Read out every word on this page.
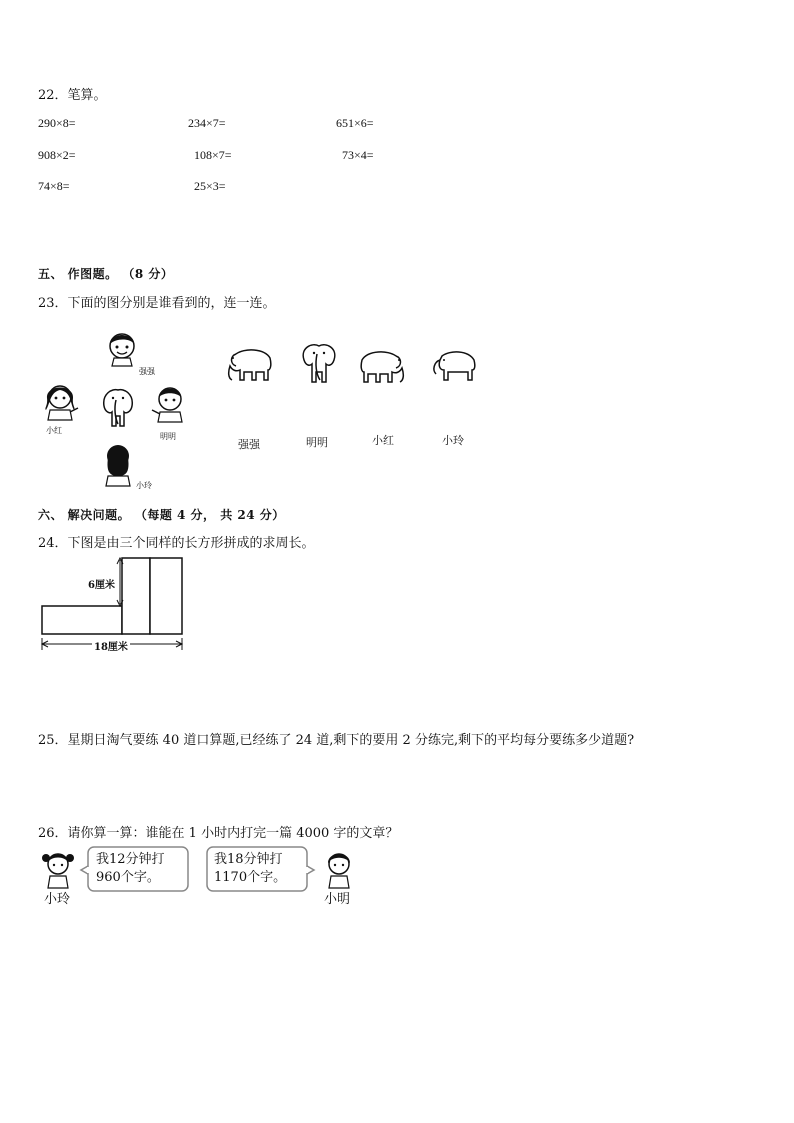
22．笔算。
290×8=	234×7=	651×6=
908×2=	108×7=	73×4=
74×8=	25×3=
五、 作图题。 （8 分）
23．下面的图分别是谁看到的，连一连。
强强
小红
明明
小玲
强强	明明	小红	小玲
六、 解决问题。 （每题 4 分， 共 24 分）
24．下图是由三个同样的长方形拼成的求周长。
6厘米
18厘米
25．星期日淘气要练 40 道口算题,已经练了 24 道,剩下的要用 2 分练完,剩下的平均每分要练多少道题?
26．请你算一算：谁能在 1 小时内打完一篇 4000 字的文章？
小玲
我12分钟打
960个字。
我18分钟打
1170个字。
小明
